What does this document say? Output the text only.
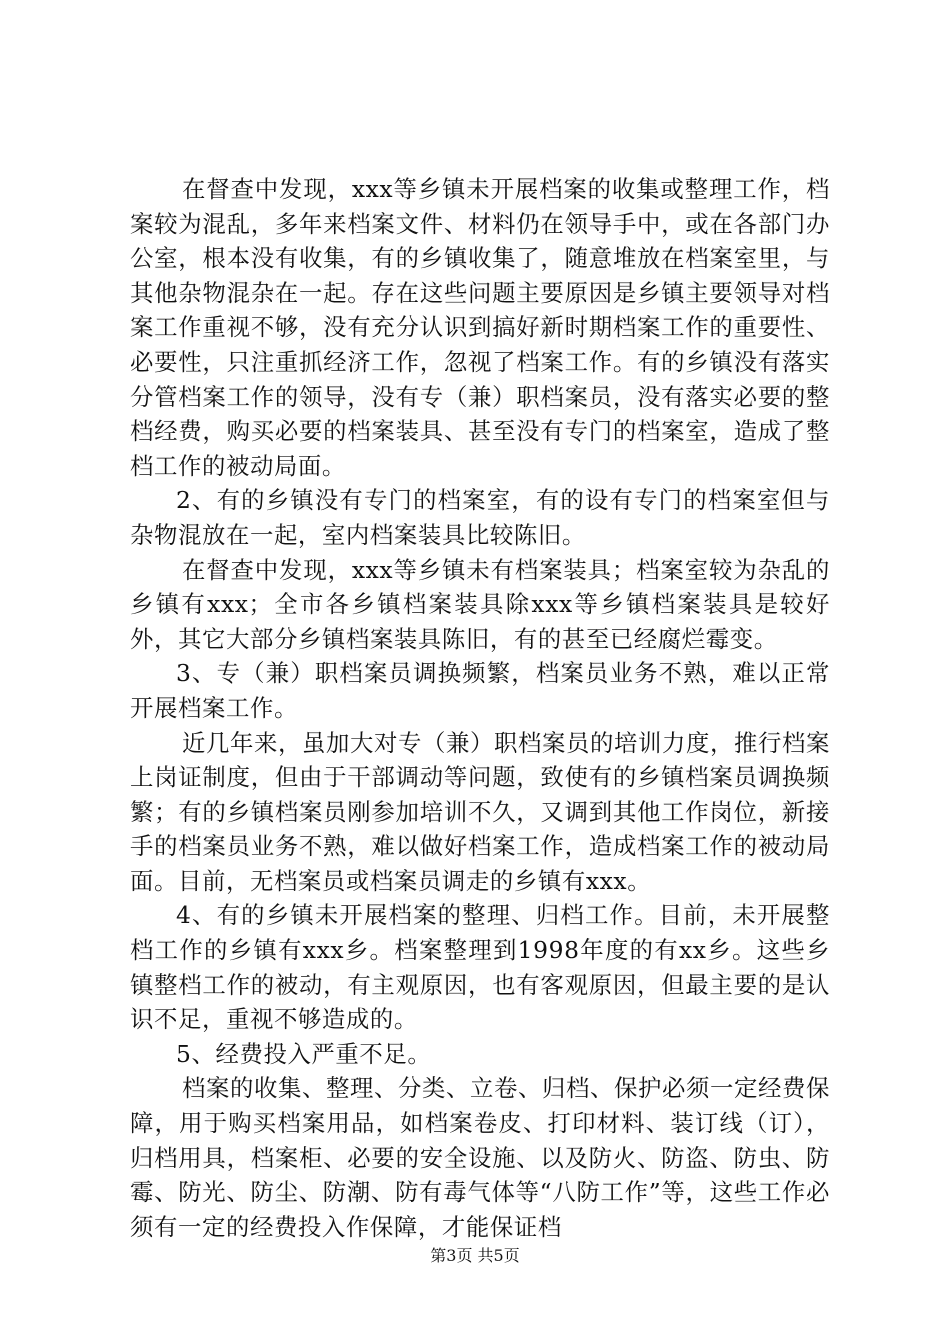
在督查中发现，xxx等乡镇未开展档案的收集或整理工作，档案较为混乱，多年来档案文件、材料仍在领导手中，或在各部门办公室，根本没有收集，有的乡镇收集了，随意堆放在档案室里，与其他杂物混杂在一起。存在这些问题主要原因是乡镇主要领导对档案工作重视不够，没有充分认识到搞好新时期档案工作的重要性、必要性，只注重抓经济工作，忽视了档案工作。有的乡镇没有落实分管档案工作的领导，没有专（兼）职档案员，没有落实必要的整档经费，购买必要的档案装具、甚至没有专门的档案室，造成了整档工作的被动局面。

2、有的乡镇没有专门的档案室，有的设有专门的档案室但与杂物混放在一起，室内档案装具比较陈旧。

在督查中发现，xxx等乡镇未有档案装具；档案室较为杂乱的乡镇有xxx；全市各乡镇档案装具除xxx等乡镇档案装具是较好外，其它大部分乡镇档案装具陈旧，有的甚至已经腐烂霉变。

3、专（兼）职档案员调换频繁，档案员业务不熟，难以正常开展档案工作。

近几年来，虽加大对专（兼）职档案员的培训力度，推行档案上岗证制度，但由于干部调动等问题，致使有的乡镇档案员调换频繁；有的乡镇档案员刚参加培训不久，又调到其他工作岗位，新接手的档案员业务不熟，难以做好档案工作，造成档案工作的被动局面。目前，无档案员或档案员调走的乡镇有xxx。

4、有的乡镇未开展档案的整理、归档工作。目前，未开展整档工作的乡镇有xxx乡。档案整理到1998年度的有xx乡。这些乡镇整档工作的被动，有主观原因，也有客观原因，但最主要的是认识不足，重视不够造成的。

5、经费投入严重不足。

档案的收集、整理、分类、立卷、归档、保护必须一定经费保障，用于购买档案用品，如档案卷皮、打印材料、装订线（订），归档用具，档案柜、必要的安全设施、以及防火、防盗、防虫、防霉、防光、防尘、防潮、防有毒气体等“八防工作”等，这些工作必须有一定的经费投入作保障，才能保证档

第3页 共5页
